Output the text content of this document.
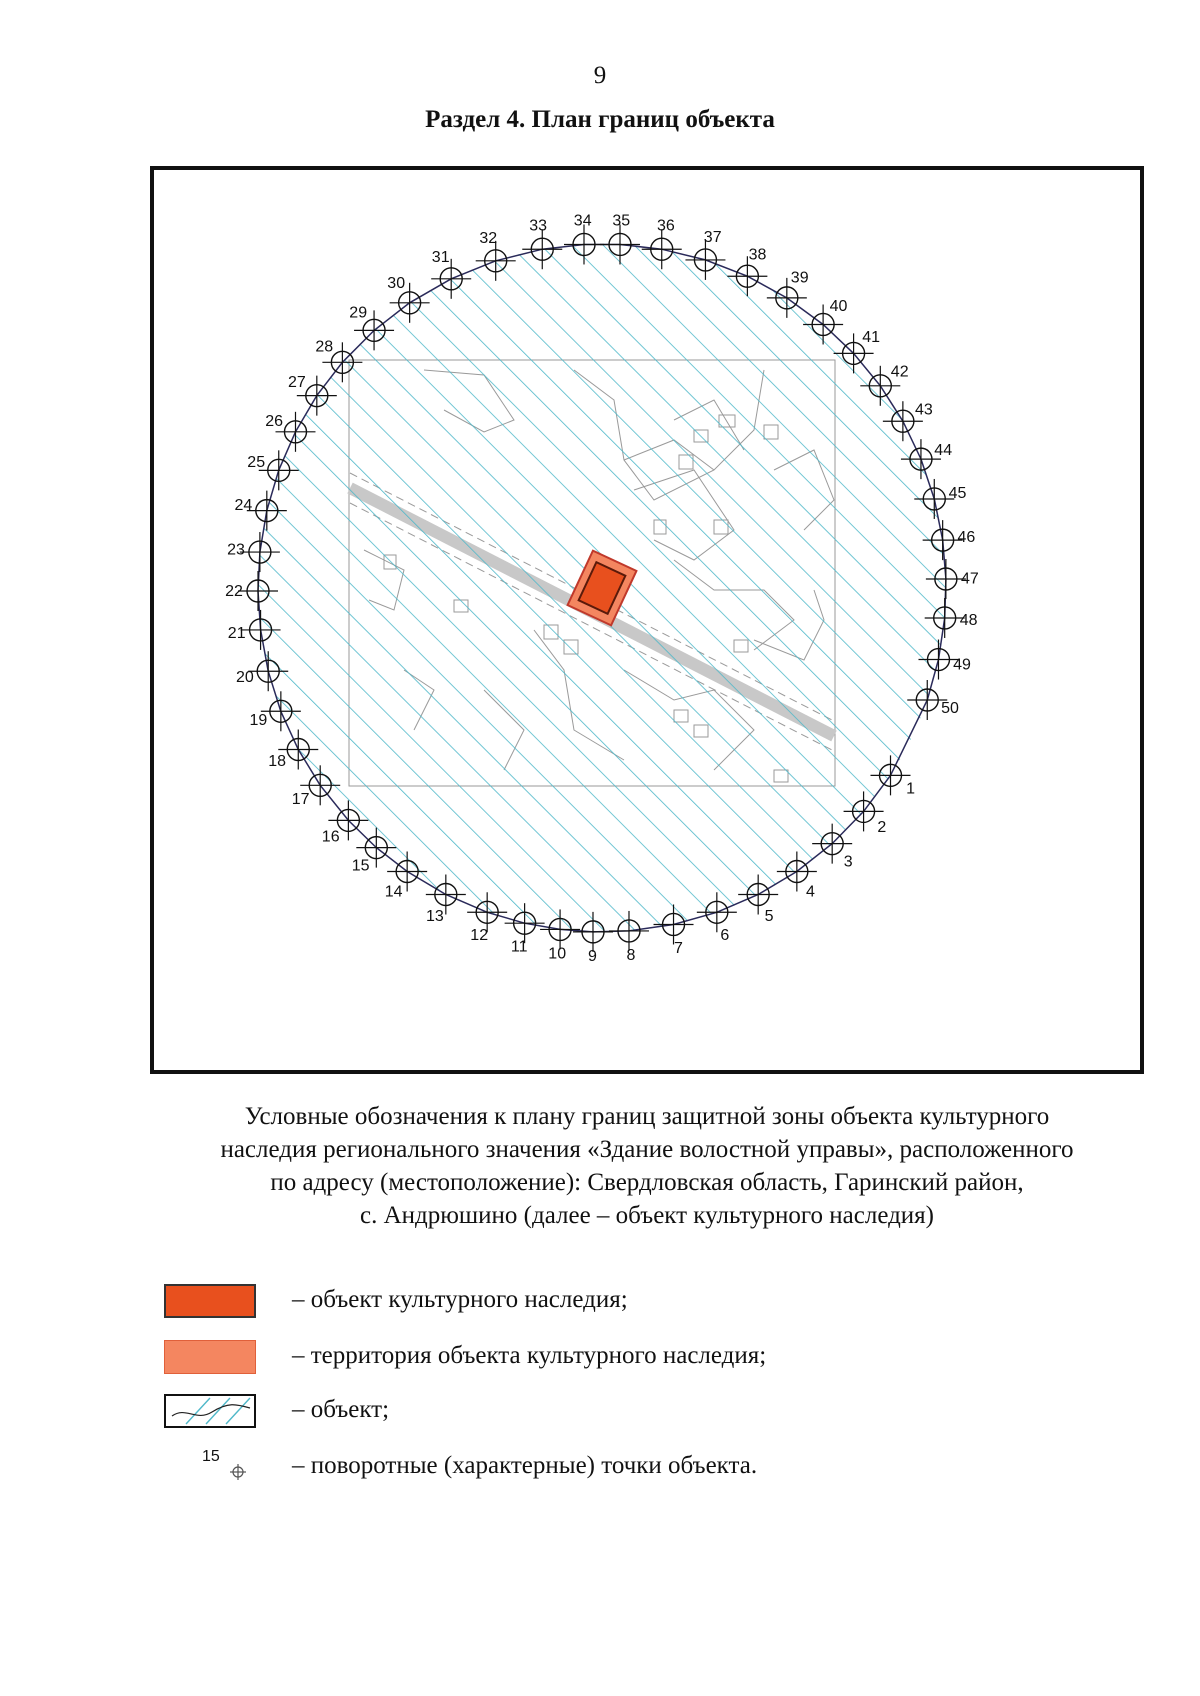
9
Раздел 4. План границ объекта
1
2
3
4
5
6
7
8
9
10
11
12
13
14
15
16
17
18
19
20
21
22
23
24
25
26
27
28
29
30
31
32
33 34 35 36
37
38
39
40
41
42
43
44
45
46
47
48
49
50
Условные обозначения к плану границ защитной зоны объекта культурного
наследия регионального значения «Здание волостной управы», расположенного
по адресу (местоположение): Свердловская область, Гаринский район,
с. Андрюшино (далее – объект культурного наследия)
– объект культурного наследия;
– территория объекта культурного наследия;
– объект;
15	– поворотные (характерные) точки объекта.
